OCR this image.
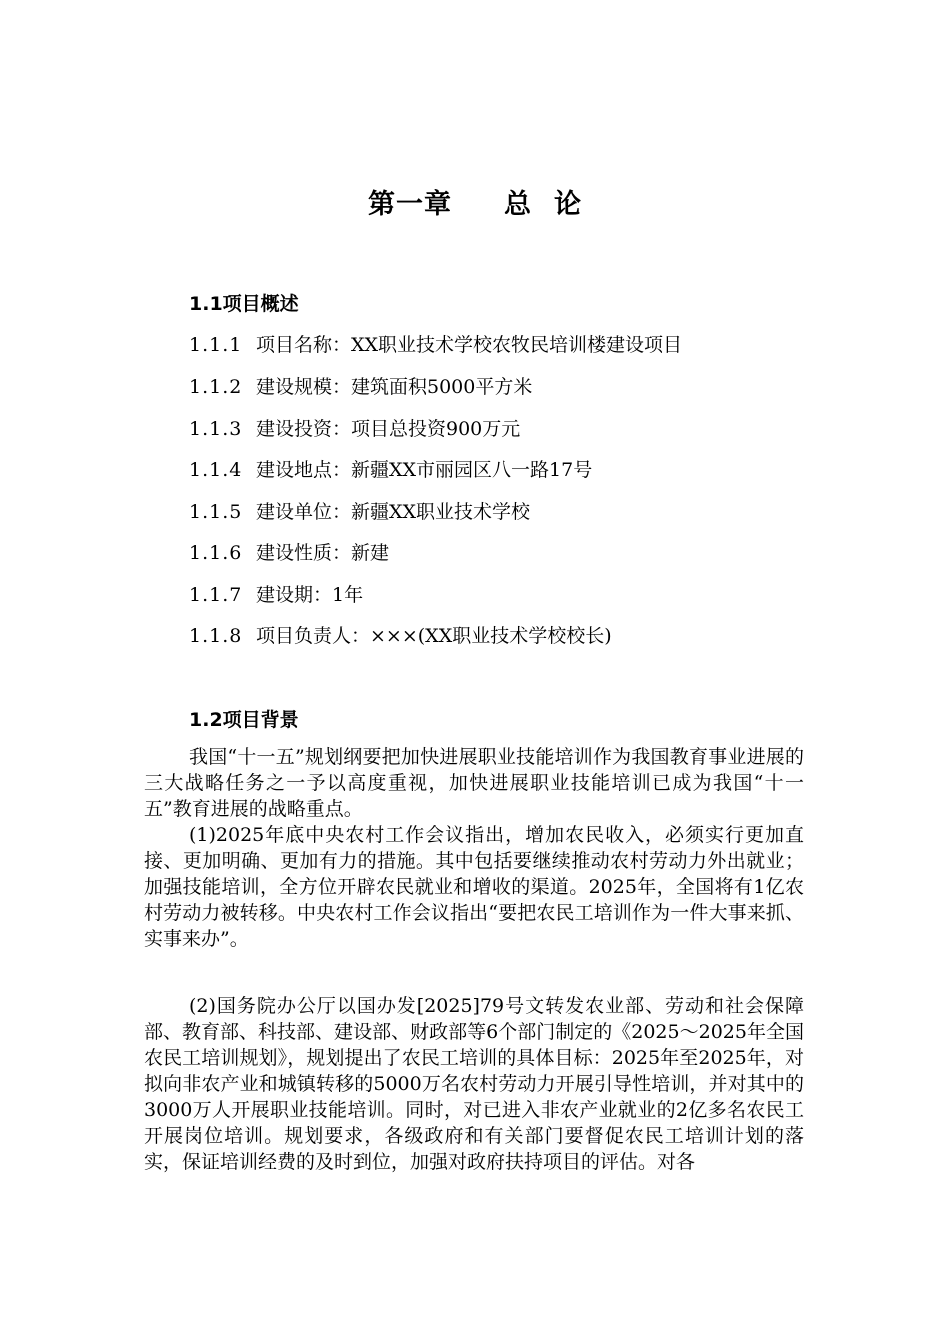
第一章 总 论
1.1项目概述
1.1.1 项目名称：XX职业技术学校农牧民培训楼建设项目
1.1.2 建设规模：建筑面积5000平方米
1.1.3 建设投资：项目总投资900万元
1.1.4 建设地点：新疆XX市丽园区八一路17号
1.1.5 建设单位：新疆XX职业技术学校
1.1.6 建设性质：新建
1.1.7 建设期：1年
1.1.8 项目负责人：×××(XX职业技术学校校长)
1.2项目背景

我国“十一五”规划纲要把加快进展职业技能培训作为我国教育事业进展的三大战略任务之一予以高度重视，加快进展职业技能培训已成为我国“十一五”教育进展的战略重点。

(1)2025年底中央农村工作会议指出，增加农民收入，必须实行更加直接、更加明确、更加有力的措施。其中包括要继续推动农村劳动力外出就业；加强技能培训，全方位开辟农民就业和增收的渠道。2025年，全国将有1亿农村劳动力被转移。中央农村工作会议指出“要把农民工培训作为一件大事来抓、实事来办”。

(2)国务院办公厅以国办发[2025]79号文转发农业部、劳动和社会保障部、教育部、科技部、建设部、财政部等6个部门制定的《2025～2025年全国农民工培训规划》，规划提出了农民工培训的具体目标：2025年至2025年，对拟向非农产业和城镇转移的5000万名农村劳动力开展引导性培训，并对其中的3000万人开展职业技能培训。同时，对已进入非农产业就业的2亿多名农民工开展岗位培训。规划要求，各级政府和有关部门要督促农民工培训计划的落实，保证培训经费的及时到位，加强对政府扶持项目的评估。对各
